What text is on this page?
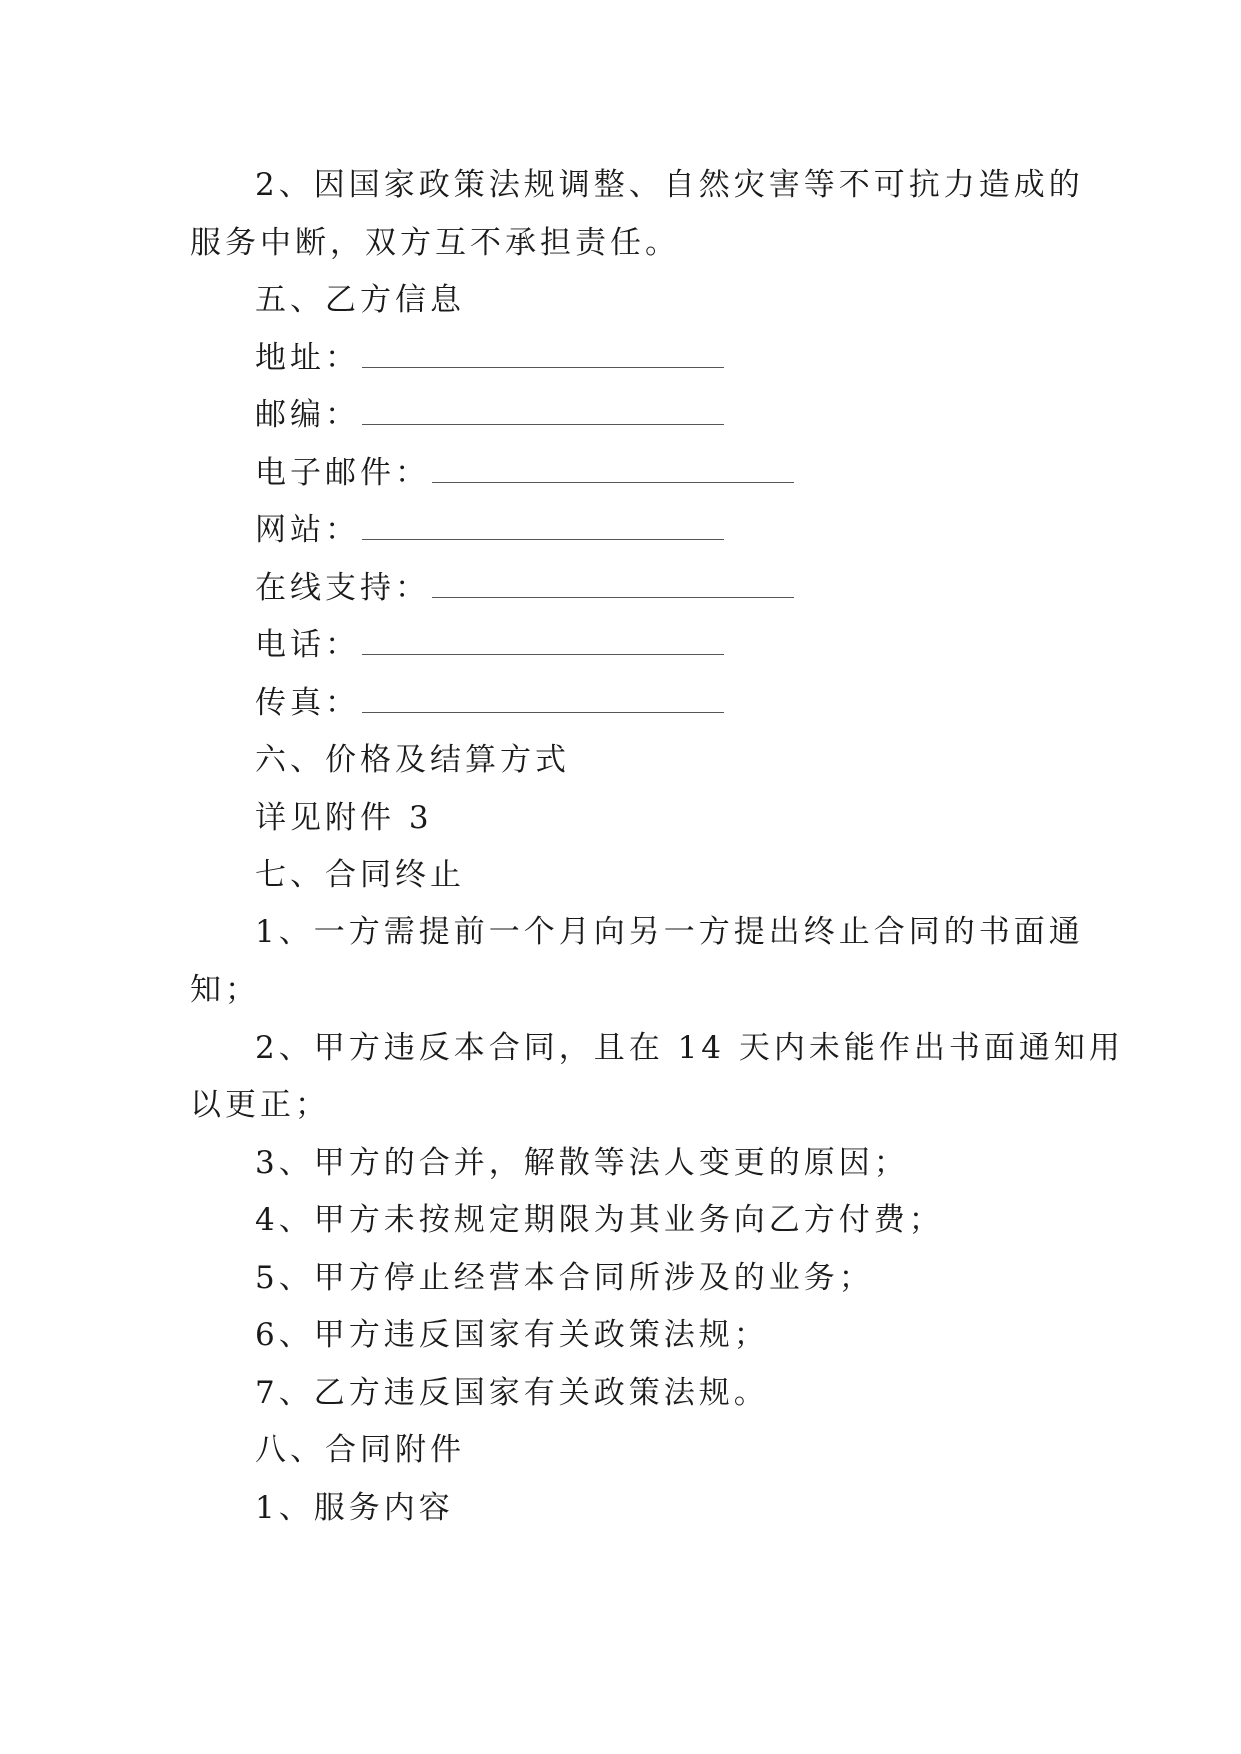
2、因国家政策法规调整、自然灾害等不可抗力造成的
服务中断，双方互不承担责任。
五、乙方信息
地址：
邮编：
电子邮件：
网站：
在线支持：
电话：
传真：
六、价格及结算方式
详见附件 3
七、合同终止
1、一方需提前一个月向另一方提出终止合同的书面通
知；
2、甲方违反本合同，且在 14 天内未能作出书面通知用
以更正；
3、甲方的合并，解散等法人变更的原因；
4、甲方未按规定期限为其业务向乙方付费；
5、甲方停止经营本合同所涉及的业务；
6、甲方违反国家有关政策法规；
7、乙方违反国家有关政策法规。
八、合同附件
1、服务内容
